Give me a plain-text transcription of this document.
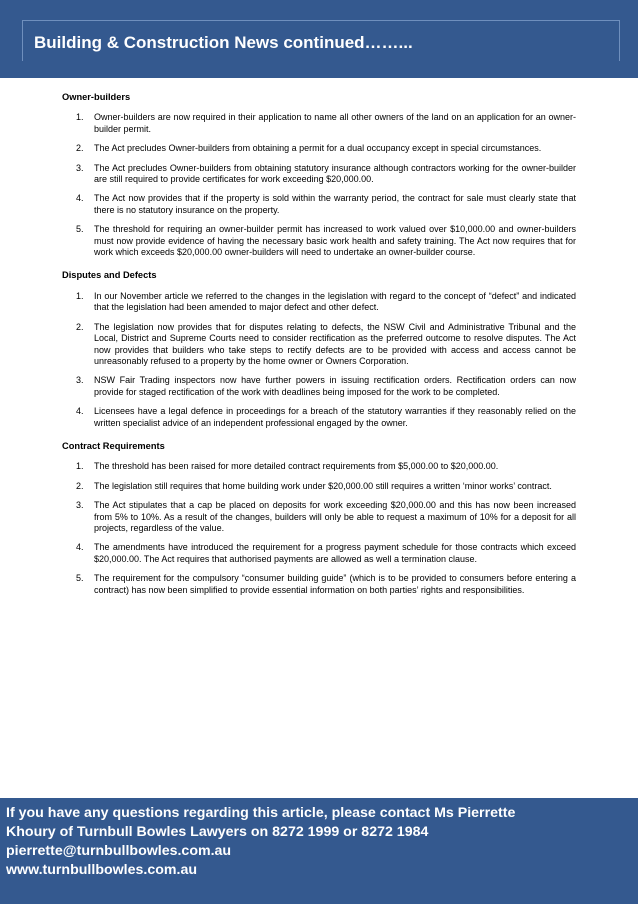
Building & Construction News continued……...
Owner-builders
1. Owner-builders are now required in their application to name all other owners of the land on an application for an owner-builder permit.
2. The Act precludes Owner-builders from obtaining a permit for a dual occupancy except in special circumstances.
3. The Act precludes Owner-builders from obtaining statutory insurance although contractors working for the owner-builder are still required to provide certificates for work exceeding $20,000.00.
4. The Act now provides that if the property is sold within the warranty period, the contract for sale must clearly state that there is no statutory insurance on the property.
5. The threshold for requiring an owner-builder permit has increased to work valued over $10,000.00 and owner-builders must now provide evidence of having the necessary basic work health and safety training. The Act now requires that for work which exceeds $20,000.00 owner-builders will need to undertake an owner-builder course.
Disputes and Defects
1. In our November article we referred to the changes in the legislation with regard to the concept of “defect” and indicated that the legislation had been amended to major defect and other defect.
2. The legislation now provides that for disputes relating to defects, the NSW Civil and Administrative Tribunal and the Local, District and Supreme Courts need to consider rectification as the preferred outcome to resolve disputes. The Act now provides that builders who take steps to rectify defects are to be provided with access and access cannot be unreasonably refused to a property by the home owner or Owners Corporation.
3. NSW Fair Trading inspectors now have further powers in issuing rectification orders. Rectification orders can now provide for staged rectification of the work with deadlines being imposed for the work to be completed.
4. Licensees have a legal defence in proceedings for a breach of the statutory warranties if they reasonably relied on the written specialist advice of an independent professional engaged by the owner.
Contract Requirements
1. The threshold has been raised for more detailed contract requirements from $5,000.00 to $20,000.00.
2. The legislation still requires that home building work under $20,000.00 still requires a written ‘minor works’ contract.
3. The Act stipulates that a cap be placed on deposits for work exceeding $20,000.00 and this has now been increased from 5% to 10%. As a result of the changes, builders will only be able to request a maximum of 10% for a deposit for all projects, regardless of the value.
4. The amendments have introduced the requirement for a progress payment schedule for those contracts which exceed $20,000.00. The Act requires that authorised payments are allowed as well a termination clause.
5. The requirement for the compulsory “consumer building guide” (which is to be provided to consumers before entering a contract) has now been simplified to provide essential information on both parties’ rights and responsibilities.
If you have any questions regarding this article, please contact Ms Pierrette
Khoury of Turnbull Bowles Lawyers on 8272 1999 or 8272 1984
pierrette@turnbullbowles.com.au
www.turnbullbowles.com.au
